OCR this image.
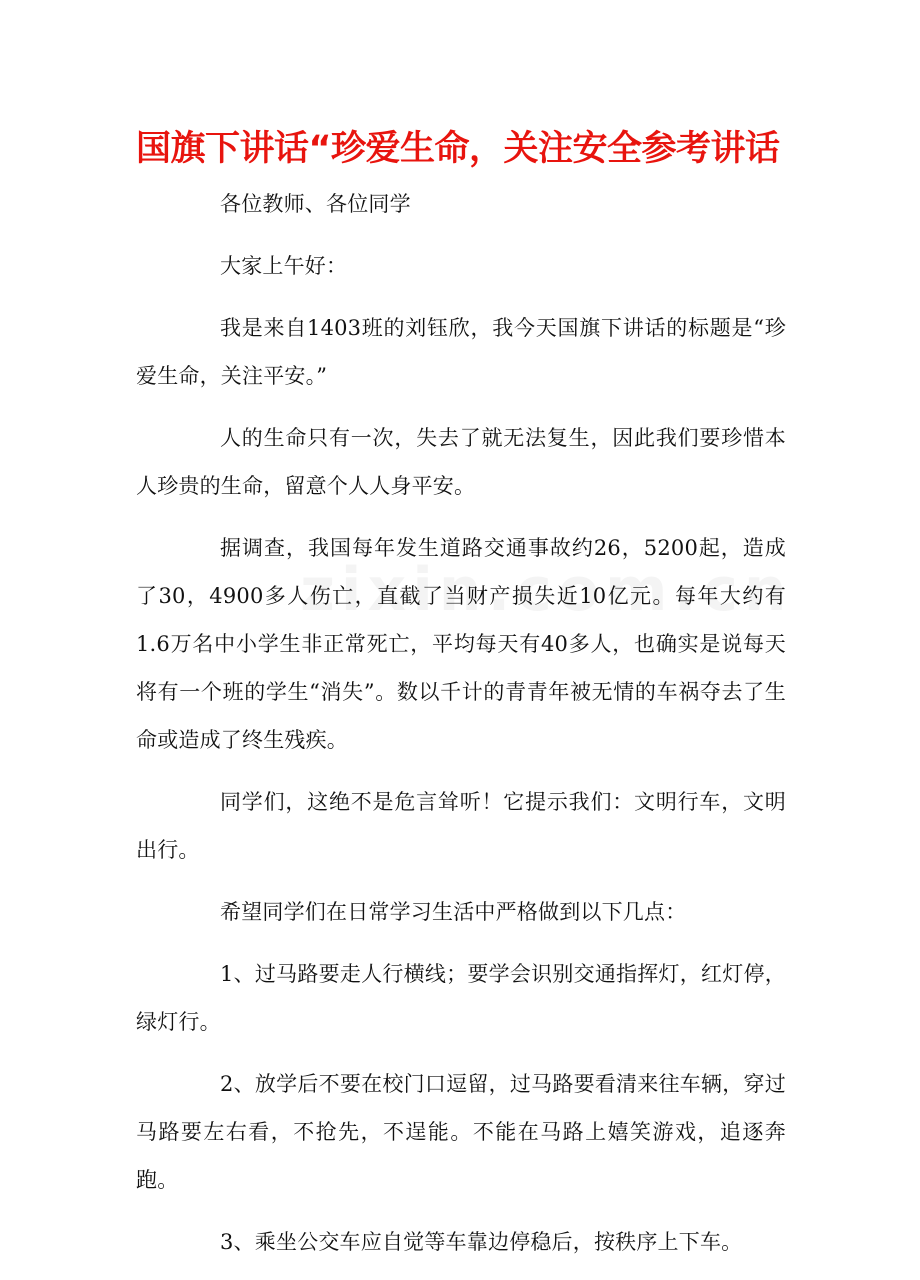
国旗下讲话“珍爱生命，关注安全参考讲话

各位教师、各位同学

大家上午好：

我是来自1403班的刘钰欣，我今天国旗下讲话的标题是“珍爱生命，关注平安。”

人的生命只有一次，失去了就无法复生，因此我们要珍惜本人珍贵的生命，留意个人人身平安。

据调查，我国每年发生道路交通事故约26，5200起，造成了30，4900多人伤亡，直截了当财产损失近10亿元。每年大约有1.6万名中小学生非正常死亡，平均每天有40多人，也确实是说每天将有一个班的学生“消失”。数以千计的青青年被无情的车祸夺去了生命或造成了终生残疾。

同学们，这绝不是危言耸听！它提示我们：文明行车，文明出行。

希望同学们在日常学习生活中严格做到以下几点：

1、过马路要走人行横线；要学会识别交通指挥灯，红灯停，绿灯行。

2、放学后不要在校门口逗留，过马路要看清来往车辆，穿过马路要左右看，不抢先，不逞能。不能在马路上嬉笑游戏，追逐奔跑。

3、乘坐公交车应自觉等车靠边停稳后，按秩序上下车。
